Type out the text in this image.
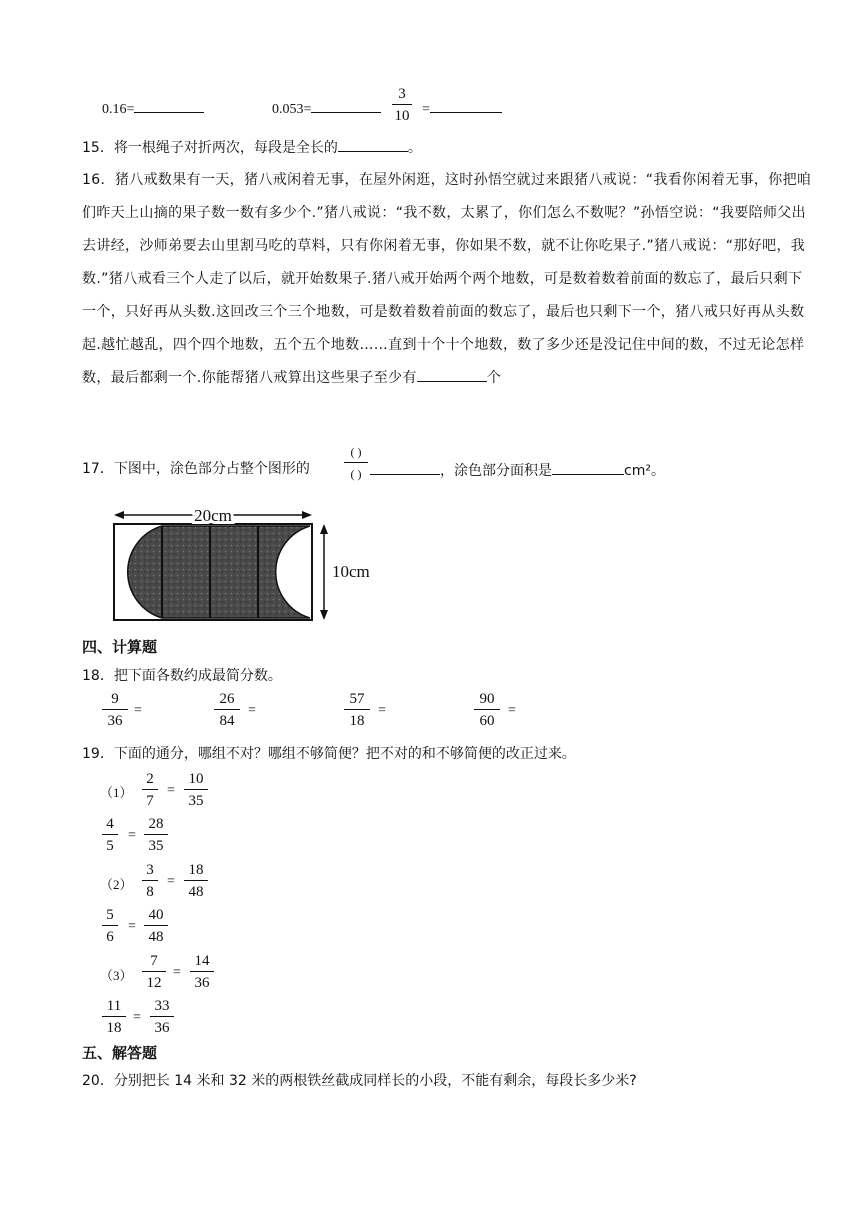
0.16=	0.053=	$\frac{3}{10}$ =
15．将一根绳子对折两次，每段是全长的	。
16．猪八戒数果有一天，猪八戒闲着无事，在屋外闲逛，这时孙悟空就过来跟猪八戒说：“我看你闲着无事，你把咱们昨天上山摘的果子数一数有多少个.”猪八戒说：“我不数，太累了，你们怎么不数呢？”孙悟空说：“我要陪师父出去讲经，沙师弟要去山里割马吃的草料，只有你闲着无事，你如果不数，就不让你吃果子.”猪八戒说：“那好吧，我数.”猪八戒看三个人走了以后，就开始数果子.猪八戒开始两个两个地数，可是数着数着前面的数忘了，最后只剩下一个，只好再从头数.这回改三个三个地数，可是数着数着前面的数忘了，最后也只剩下一个，猪八戒只好再从头数起.越忙越乱，四个四个地数，五个五个地数……直到十个十个地数，数了多少还是没记住中间的数，不过无论怎样数，最后都剩一个.你能帮猪八戒算出这些果子至少有	个
17．下图中，涂色部分占整个图形的
( )
( )	，涂色部分面积是	cm²。
20cm
10cm
四、计算题
18．把下面各数约成最简分数。
$\frac{9}{36}$ =	$\frac{26}{84}$ =	$\frac{57}{18}$ =	$\frac{90}{60}$ =
19．下面的通分，哪组不对？哪组不够简便？把不对的和不够简便的改正过来。
$(1) \frac{2}{7} = \frac{10}{35}$
$\frac{4}{5} = \frac{28}{35}$
$(2) \frac{3}{8} = \frac{18}{48}$
$\frac{5}{6} = \frac{40}{48}$
$(3) \frac{7}{12} = \frac{14}{36}$
$\frac{11}{18} = \frac{33}{36}$
五、解答题
20．分别把长 14 米和 32 米的两根铁丝截成同样长的小段，不能有剩余，每段长多少米?
